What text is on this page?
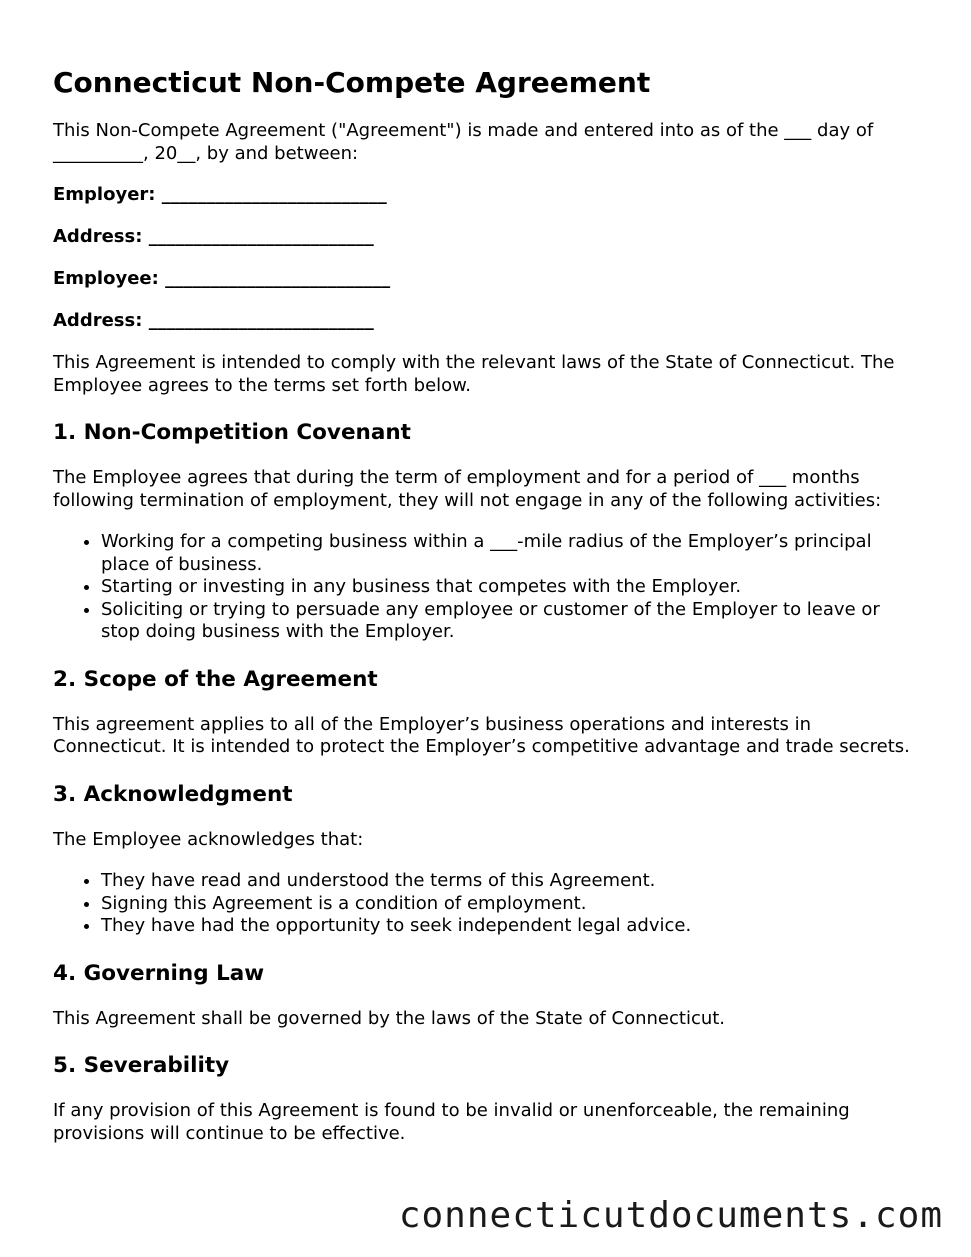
Connecticut Non-Compete Agreement

This Non-Compete Agreement ("Agreement") is made and entered into as of the ___ day of __________, 20__, by and between:

Employer: _________________________
Address: _________________________
Employee: _________________________
Address: _________________________

This Agreement is intended to comply with the relevant laws of the State of Connecticut. The Employee agrees to the terms set forth below.

1. Non-Competition Covenant

The Employee agrees that during the term of employment and for a period of ___ months following termination of employment, they will not engage in any of the following activities:

• Working for a competing business within a ___-mile radius of the Employer’s principal place of business.
• Starting or investing in any business that competes with the Employer.
• Soliciting or trying to persuade any employee or customer of the Employer to leave or stop doing business with the Employer.
2. Scope of the Agreement

This agreement applies to all of the Employer’s business operations and interests in Connecticut. It is intended to protect the Employer’s competitive advantage and trade secrets.

3. Acknowledgment

The Employee acknowledges that:

• They have read and understood the terms of this Agreement.
• Signing this Agreement is a condition of employment.
• They have had the opportunity to seek independent legal advice.
4. Governing Law

This Agreement shall be governed by the laws of the State of Connecticut.

5. Severability

If any provision of this Agreement is found to be invalid or unenforceable, the remaining provisions will continue to be effective.

connecticutdocuments.com
